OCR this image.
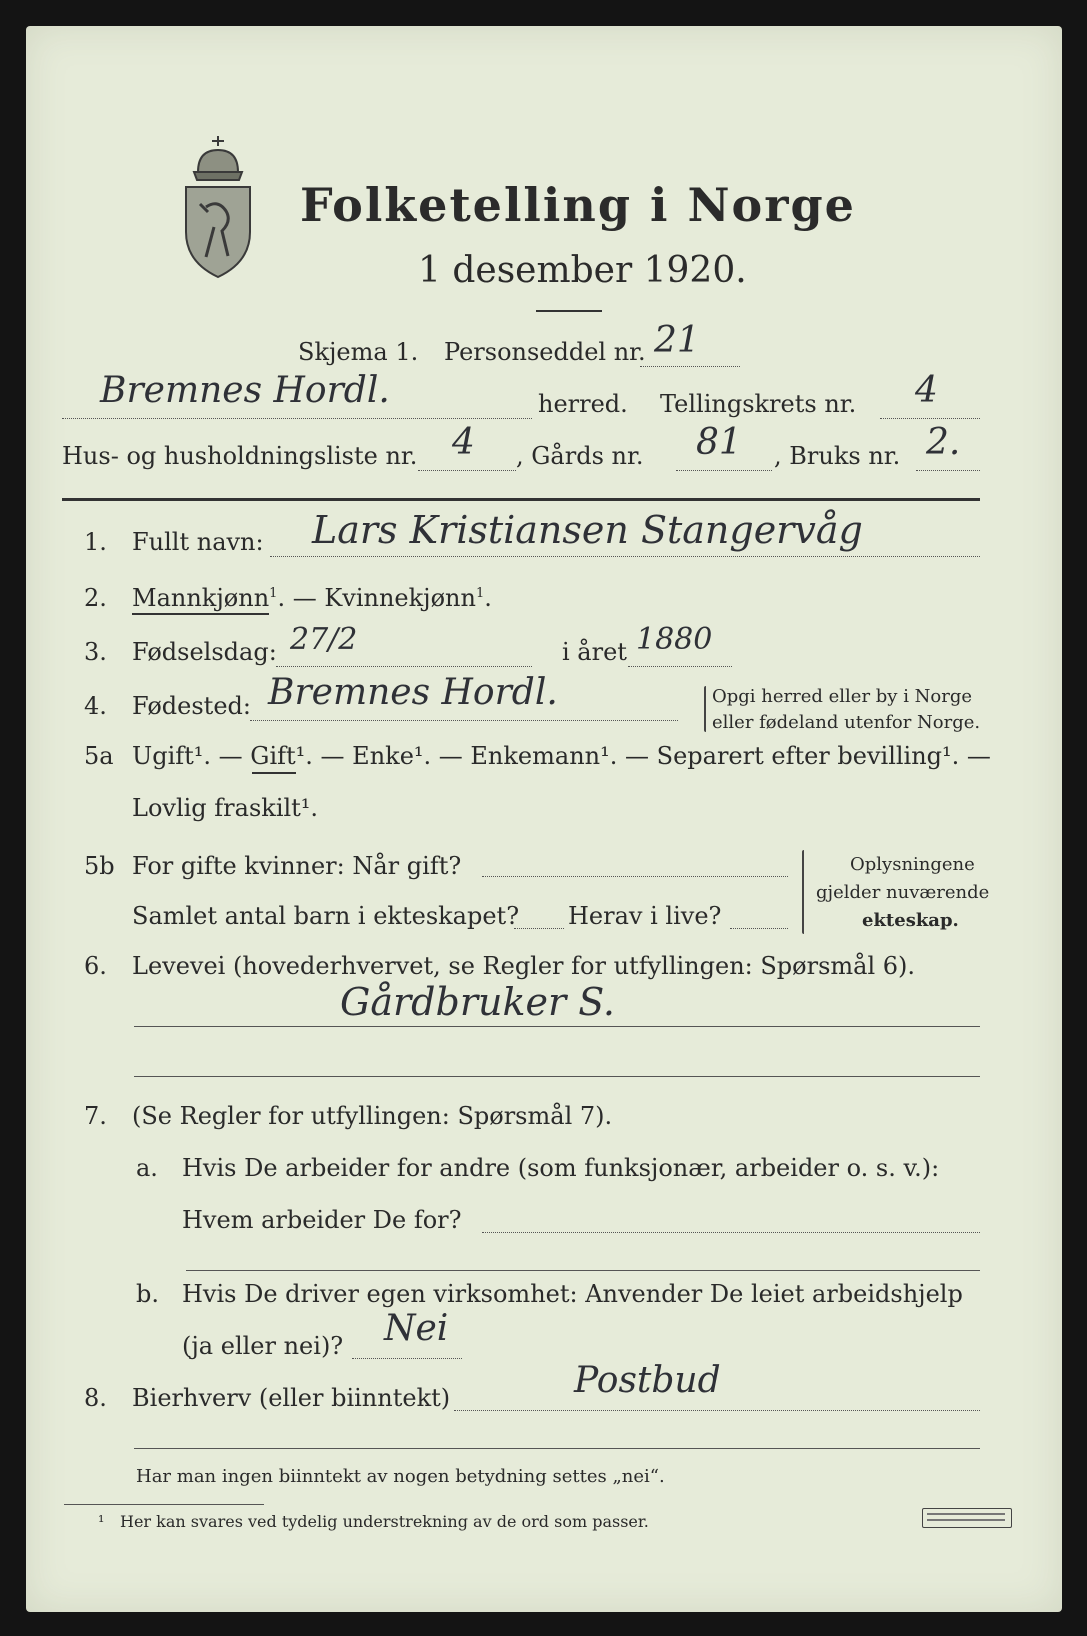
Folketelling i Norge
1 desember 1920.
Skjema 1. Personseddel nr. 21
Bremnes Hordl.	herred. Tellingskrets nr. 4
Hus- og husholdningsliste nr. 4 , Gårds nr. 81 , Bruks nr. 2.
1. Fullt navn: Lars Kristiansen Stangervåg
2. Mannkjønn$^1$. — Kvinnekjønn$^1$.
3. Fødselsdag: 27/2	i året 1880
4. Fødested: Bremnes Hordl.	Opgi herred eller by i Norge
eller fødeland utenfor Norge.
5a Ugift¹. — Gift¹. — Enke¹. — Enkemann¹. — Separert efter bevilling¹. —
Lovlig fraskilt¹.
5b For gifte kvinner: Når gift?
Samlet antal barn i ekteskapet? Herav i live?
Oplysningene
gjelder nuværende
ekteskap.
6. Levevei (hovederhvervet, se Regler for utfyllingen: Spørsmål 6).
Gårdbruker S.
7. (Se Regler for utfyllingen: Spørsmål 7).
a. Hvis De arbeider for andre (som funksjonær, arbeider o. s. v.):
Hvem arbeider De for?
b. Hvis De driver egen virksomhet: Anvender De leiet arbeidshjelp
(ja eller nei)? Nei
8. Bierhverv (eller biinntekt)	Postbud
Har man ingen biinntekt av nogen betydning settes „nei“.
¹ Her kan svares ved tydelig understrekning av de ord som passer.
